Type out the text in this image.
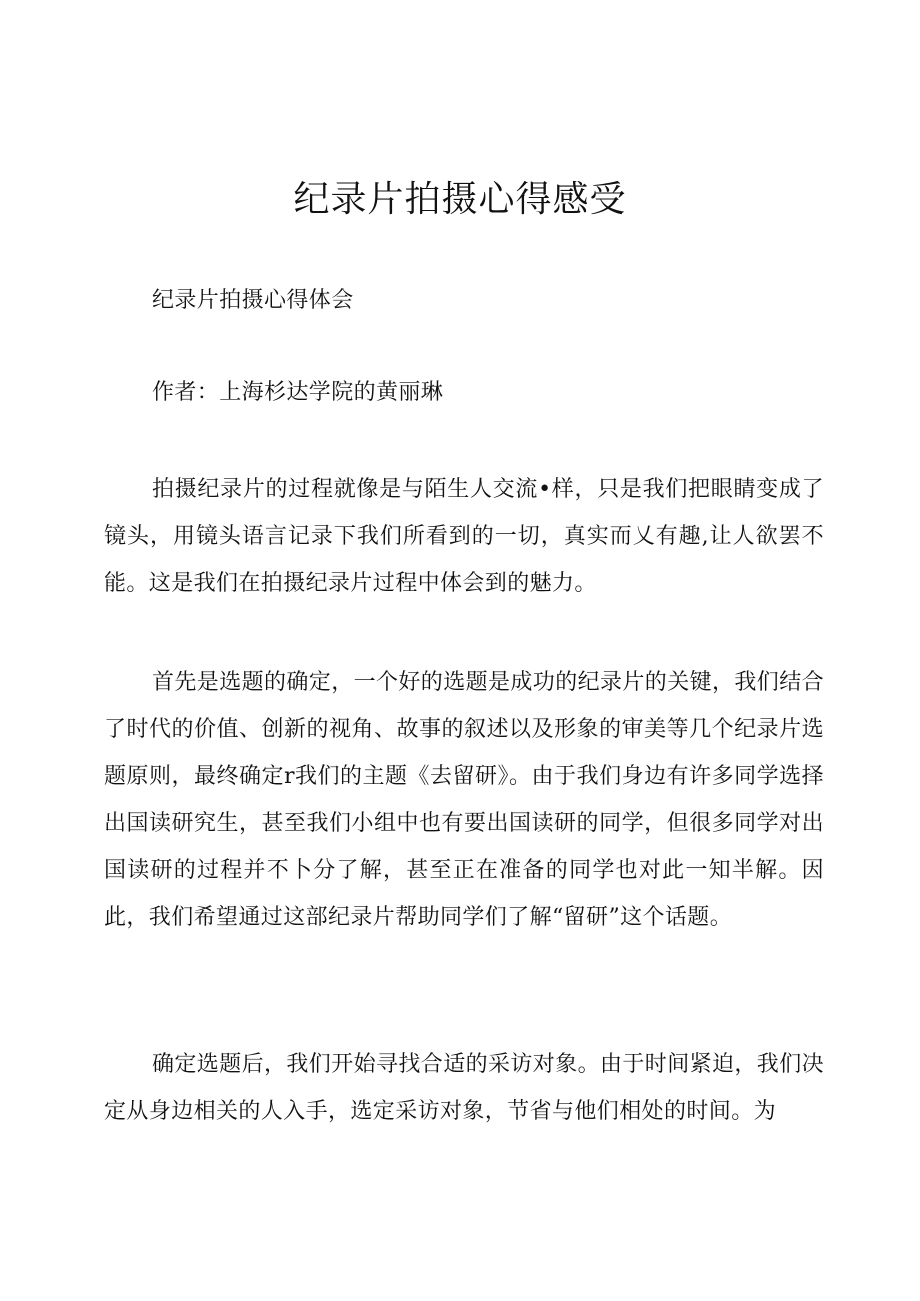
纪录片拍摄心得感受

纪录片拍摄心得体会

作者：上海杉达学院的黄丽琳

拍摄纪录片的过程就像是与陌生人交流•样，只是我们把眼睛变成了镜头，用镜头语言记录下我们所看到的一切，真实而乂有趣,让人欲罢不能。这是我们在拍摄纪录片过程中体会到的魅力。

首先是选题的确定，一个好的选题是成功的纪录片的关键，我们结合了时代的价值、创新的视角、故事的叙述以及形象的审美等几个纪录片选题原则，最终确定r我们的主题《去留研》。由于我们身边有许多同学选择出国读研究生，甚至我们小组中也有要出国读研的同学，但很多同学对出国读研的过程并不卜分了解，甚至正在准备的同学也对此一知半解。因此，我们希望通过这部纪录片帮助同学们了解“留研”这个话题。

确定选题后，我们开始寻找合适的采访对象。由于时间紧迫，我们决定从身边相关的人入手，选定采访对象，节省与他们相处的时间。为
